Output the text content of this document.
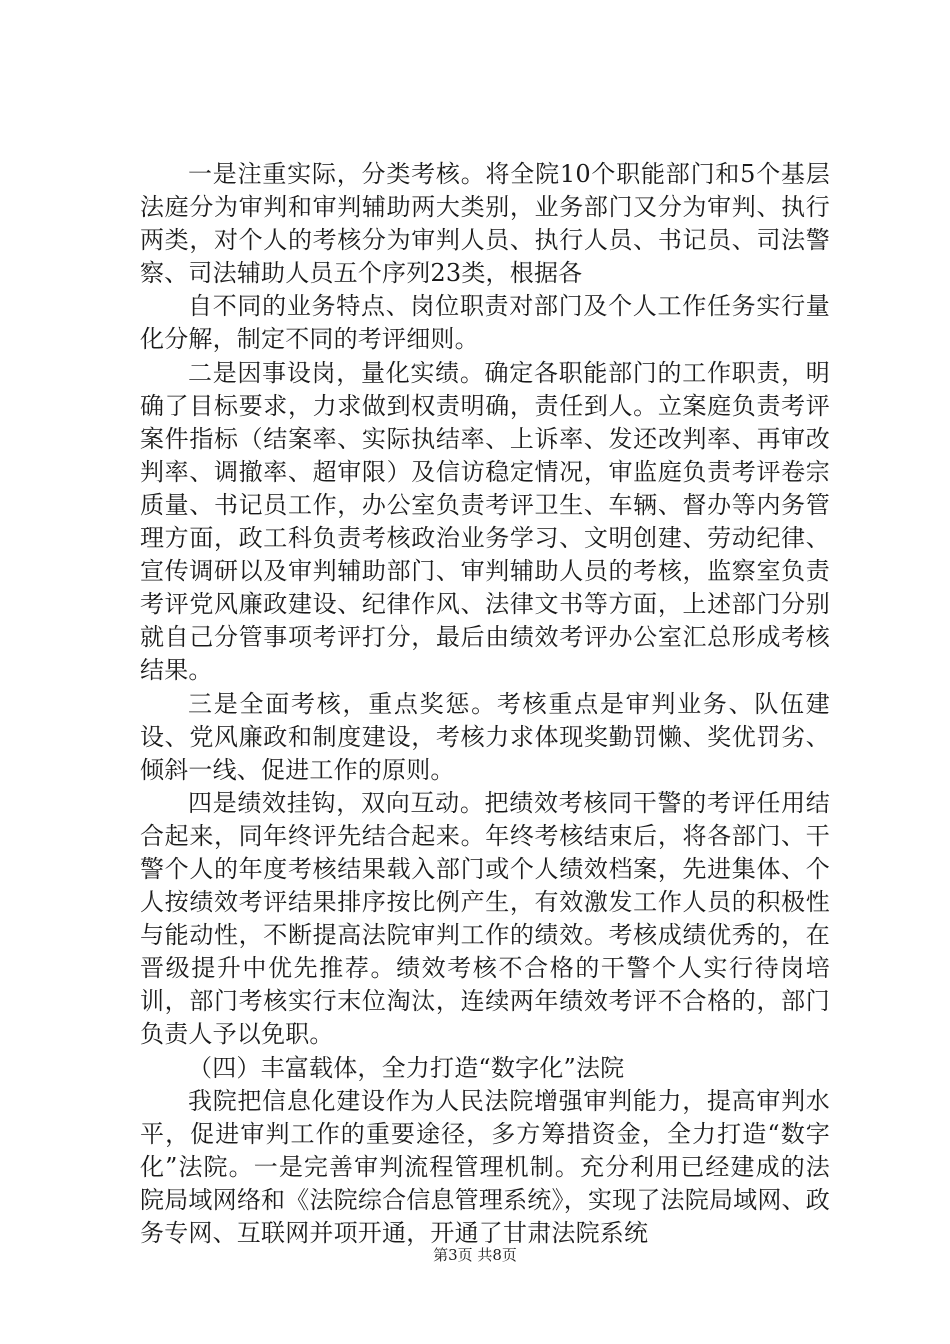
一是注重实际，分类考核。将全院10个职能部门和5个基层法庭分为审判和审判辅助两大类别，业务部门又分为审判、执行两类，对个人的考核分为审判人员、执行人员、书记员、司法警察、司法辅助人员五个序列23类，根据各

自不同的业务特点、岗位职责对部门及个人工作任务实行量化分解，制定不同的考评细则。

二是因事设岗，量化实绩。确定各职能部门的工作职责，明确了目标要求，力求做到权责明确，责任到人。立案庭负责考评案件指标（结案率、实际执结率、上诉率、发还改判率、再审改判率、调撤率、超审限）及信访稳定情况，审监庭负责考评卷宗质量、书记员工作，办公室负责考评卫生、车辆、督办等内务管理方面，政工科负责考核政治业务学习、文明创建、劳动纪律、宣传调研以及审判辅助部门、审判辅助人员的考核，监察室负责考评党风廉政建设、纪律作风、法律文书等方面，上述部门分别就自己分管事项考评打分，最后由绩效考评办公室汇总形成考核结果。

三是全面考核，重点奖惩。考核重点是审判业务、队伍建设、党风廉政和制度建设，考核力求体现奖勤罚懒、奖优罚劣、倾斜一线、促进工作的原则。

四是绩效挂钩，双向互动。把绩效考核同干警的考评任用结合起来，同年终评先结合起来。年终考核结束后，将各部门、干警个人的年度考核结果载入部门或个人绩效档案，先进集体、个人按绩效考评结果排序按比例产生，有效激发工作人员的积极性与能动性，不断提高法院审判工作的绩效。考核成绩优秀的，在晋级提升中优先推荐。绩效考核不合格的干警个人实行待岗培训，部门考核实行末位淘汰，连续两年绩效考评不合格的，部门负责人予以免职。

（四）丰富载体，全力打造“数字化”法院

我院把信息化建设作为人民法院增强审判能力，提高审判水平，促进审判工作的重要途径，多方筹措资金，全力打造“数字化”法院。一是完善审判流程管理机制。充分利用已经建成的法院局域网络和《法院综合信息管理系统》，实现了法院局域网、政务专网、互联网并项开通，开通了甘肃法院系统

第3页 共8页
